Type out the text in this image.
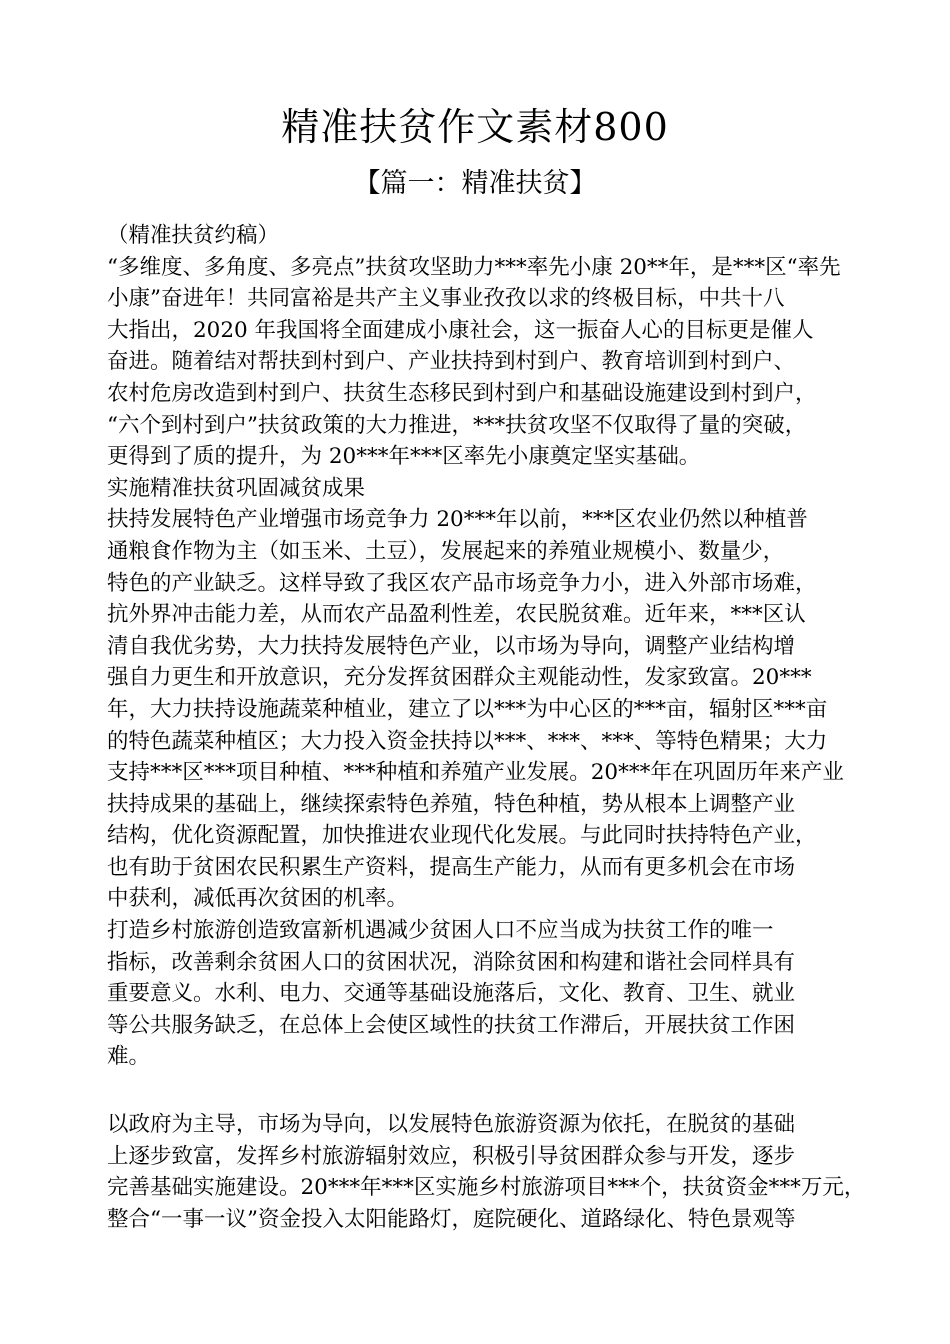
精准扶贫作文素材800
【篇一：精准扶贫】
（精准扶贫约稿）
“多维度、多角度、多亮点”扶贫攻坚助力***率先小康 20**年，是***区“率先
小康”奋进年！共同富裕是共产主义事业孜孜以求的终极目标，中共十八
大指出，2020 年我国将全面建成小康社会，这一振奋人心的目标更是催人
奋进。随着结对帮扶到村到户、产业扶持到村到户、教育培训到村到户、
农村危房改造到村到户、扶贫生态移民到村到户和基础设施建设到村到户，
“六个到村到户”扶贫政策的大力推进，***扶贫攻坚不仅取得了量的突破，
更得到了质的提升，为 20***年***区率先小康奠定坚实基础。
实施精准扶贫巩固减贫成果
扶持发展特色产业增强市场竞争力 20***年以前，***区农业仍然以种植普
通粮食作物为主（如玉米、土豆），发展起来的养殖业规模小、数量少，
特色的产业缺乏。这样导致了我区农产品市场竞争力小，进入外部市场难，
抗外界冲击能力差，从而农产品盈利性差，农民脱贫难。近年来，***区认
清自我优劣势，大力扶持发展特色产业，以市场为导向，调整产业结构增
强自力更生和开放意识，充分发挥贫困群众主观能动性，发家致富。20***
年，大力扶持设施蔬菜种植业，建立了以***为中心区的***亩，辐射区***亩
的特色蔬菜种植区；大力投入资金扶持以***、***、***、等特色精果；大力
支持***区***项目种植、***种植和养殖产业发展。20***年在巩固历年来产业
扶持成果的基础上，继续探索特色养殖，特色种植，势从根本上调整产业
结构，优化资源配置，加快推进农业现代化发展。与此同时扶持特色产业，
也有助于贫困农民积累生产资料，提高生产能力，从而有更多机会在市场
中获利，减低再次贫困的机率。
打造乡村旅游创造致富新机遇减少贫困人口不应当成为扶贫工作的唯一
指标，改善剩余贫困人口的贫困状况，消除贫困和构建和谐社会同样具有
重要意义。水利、电力、交通等基础设施落后，文化、教育、卫生、就业
等公共服务缺乏，在总体上会使区域性的扶贫工作滞后，开展扶贫工作困
难。
以政府为主导，市场为导向，以发展特色旅游资源为依托，在脱贫的基础
上逐步致富，发挥乡村旅游辐射效应，积极引导贫困群众参与开发，逐步
完善基础实施建设。20***年***区实施乡村旅游项目***个，扶贫资金***万元，
整合“一事一议”资金投入太阳能路灯，庭院硬化、道路绿化、特色景观等
